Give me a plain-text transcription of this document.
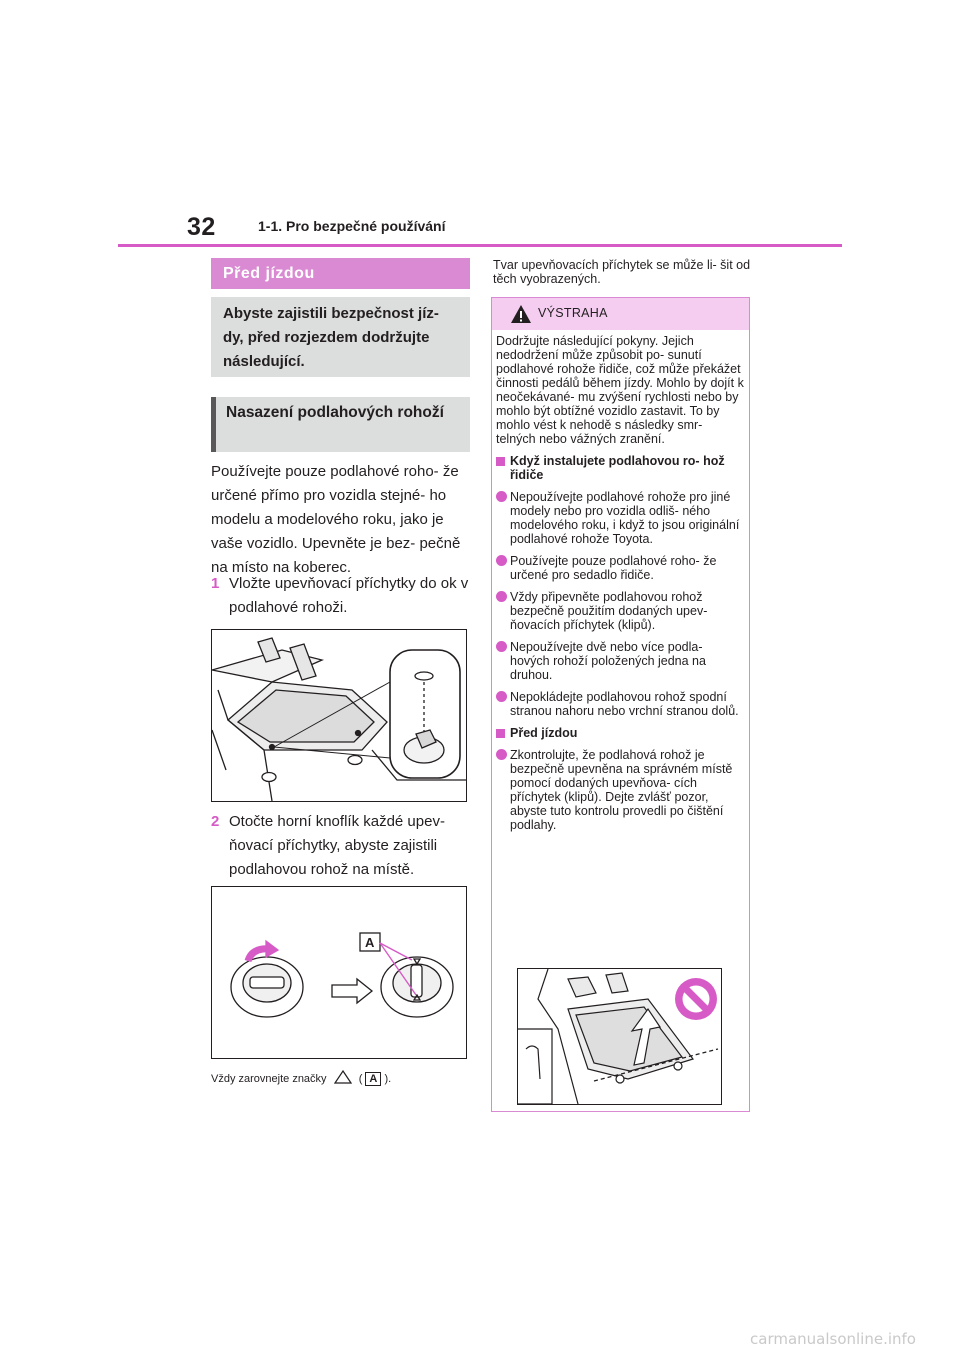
32	1-1. Pro bezpečné používání
Před jízdou
Abyste zajistili bezpečnost jíz- dy, před rozjezdem dodržujte následující.
Nasazení podlahových rohoží
Používejte pouze podlahové roho- že určené přímo pro vozidla stejné- ho modelu a modelového roku, jako je vaše vozidlo. Upevněte je bez- pečně na místo na koberec.
1 Vložte upevňovací příchytky do ok v podlahové rohoži.
2 Otočte horní knoflík každé upev- ňovací příchytky, abyste zajistili podlahovou rohož na místě.
A
Vždy zarovnejte značky	( A ).
Tvar upevňovacích příchytek se může li- šit od těch vyobrazených.
VÝSTRAHA

Dodržujte následující pokyny. Jejich nedodržení může způsobit po- sunutí podlahové rohože řidiče, což může překážet činnosti pedálů během jízdy. Mohlo by dojít k neočekávané- mu zvýšení rychlosti nebo by mohlo být obtížné vozidlo zastavit. To by mohlo vést k nehodě s následky smr- telných nebo vážných zranění.

Když instalujete podlahovou ro- hož řidiče
Nepoužívejte podlahové rohože pro jiné modely nebo pro vozidla odliš- ného modelového roku, i když to jsou originální podlahové rohože Toyota.
Používejte pouze podlahové roho- že určené pro sedadlo řidiče.
Vždy připevněte podlahovou rohož bezpečně použitím dodaných upev- ňovacích příchytek (klipů).
Nepoužívejte dvě nebo více podla- hových rohoží položených jedna na druhou.
Nepokládejte podlahovou rohož spodní stranou nahoru nebo vrchní stranou dolů.
Před jízdou
Zkontrolujte, že podlahová rohož je bezpečně upevněna na správném místě pomocí dodaných upevňova- cích příchytek (klipů). Dejte zvlášť pozor, abyste tuto kontrolu provedli po čištění podlahy.
carmanualsonline.info
